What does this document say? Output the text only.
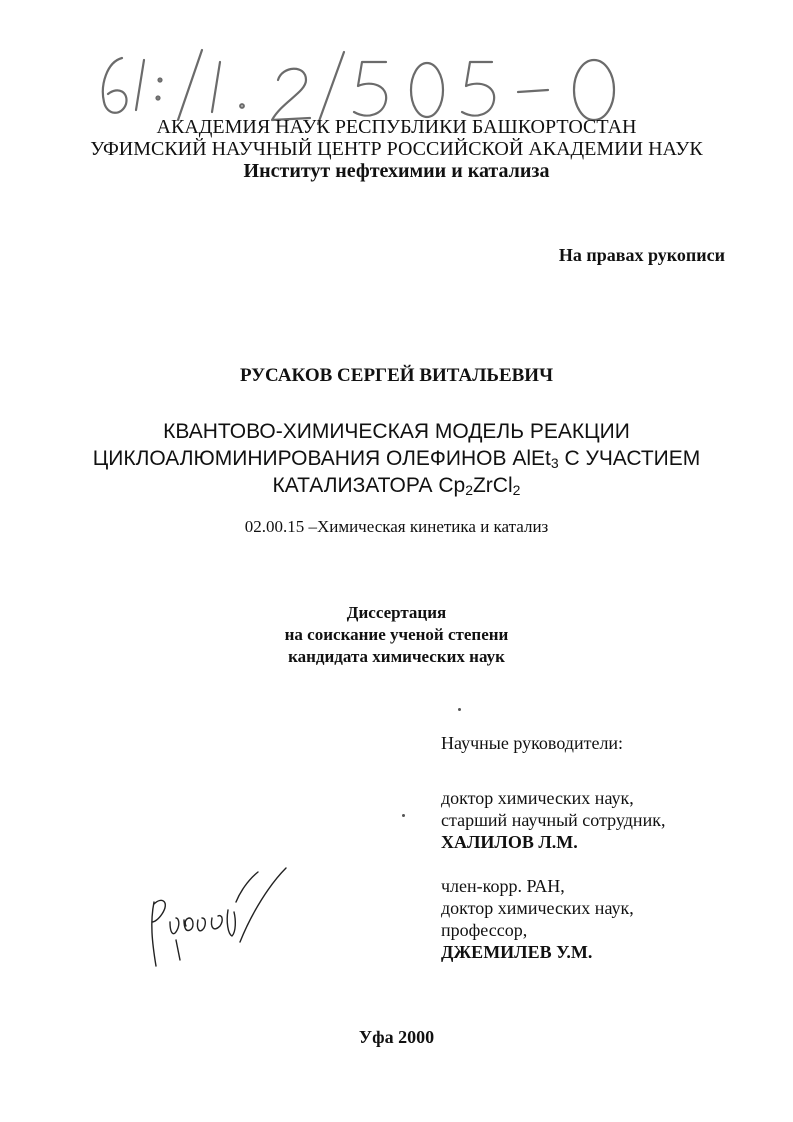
АКАДЕМИЯ НАУК РЕСПУБЛИКИ БАШКОРТОСТАН
УФИМСКИЙ НАУЧНЫЙ ЦЕНТР РОССИЙСКОЙ АКАДЕМИИ НАУК
Институт нефтехимии и катализа
На правах рукописи
РУСАКОВ СЕРГЕЙ ВИТАЛЬЕВИЧ
КВАНТОВО-ХИМИЧЕСКАЯ МОДЕЛЬ РЕАКЦИИ
ЦИКЛОАЛЮМИНИРОВАНИЯ ОЛЕФИНОВ AlEt$_3$ С УЧАСТИЕМ
КАТАЛИЗАТОРА $Cp_2ZrCl_2$
02.00.15 –Химическая кинетика и катализ
Диссертация
на соискание ученой степени
кандидата химических наук
Научные руководители:
доктор химических наук,
старший научный сотрудник,
ХАЛИЛОВ Л.М.
член-корр. РАН,
доктор химических наук,
профессор,
ДЖЕМИЛЕВ У.М.
Уфа 2000
